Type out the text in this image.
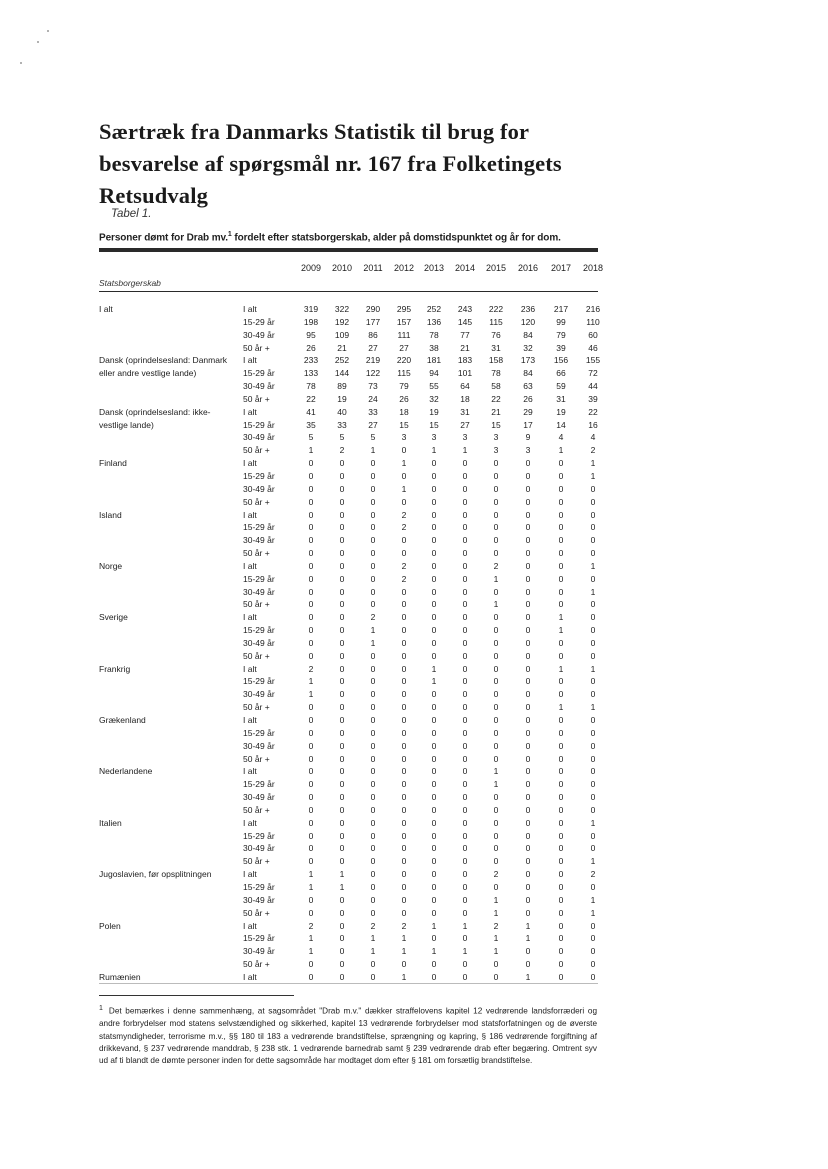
Særtræk fra Danmarks Statistik til brug for besvarelse af spørgsmål nr. 167 fra Folketingets Retsudvalg
Tabel 1.
Personer dømt for Drab mv.$^1$ fordelt efter statsborgerskab, alder på domstidspunktet og år for dom.
2009	2010	2011	2012	2013	2014	2015	2016	2017	2018
Statsborgerskab
I alt	I alt	319	322	290	295	252	243	222	236	217	216
15-29 år	198	192	177	157	136	145	115	120	99	110
30-49 år	95	109	86	111	78	77	76	84	79	60
50 år +	26	21	27	27	38	21	31	32	39	46
Dansk (oprindelsesland: Danmark I alt	233	252	219	220	181	183	158	173	156	155
eller andre vestlige lande)	15-29 år	133	144	122	115	94	101	78	84	66	72
30-49 år	78	89	73	79	55	64	58	63	59	44
50 år +	22	19	24	26	32	18	22	26	31	39
Dansk (oprindelsesland: ikke-	I alt	41	40	33	18	19	31	21	29	19	22
vestlige lande)	15-29 år	35	33	27	15	15	27	15	17	14	16
30-49 år	5	5	5	3	3	3	3	9	4	4
50 år +	1	2	1	0	1	1	3	3	1	2
Finland	I alt	0	0	0	1	0	0	0	0	0	1
15-29 år	0	0	0	0	0	0	0	0	0	1
30-49 år	0	0	0	1	0	0	0	0	0	0
50 år +	0	0	0	0	0	0	0	0	0	0
Island	I alt	0	0	0	2	0	0	0	0	0	0
15-29 år	0	0	0	2	0	0	0	0	0	0
30-49 år	0	0	0	0	0	0	0	0	0	0
50 år +	0	0	0	0	0	0	0	0	0	0
Norge	I alt	0	0	0	2	0	0	2	0	0	1
15-29 år	0	0	0	2	0	0	1	0	0	0
30-49 år	0	0	0	0	0	0	0	0	0	1
50 år +	0	0	0	0	0	0	1	0	0	0
Sverige	I alt	0	0	2	0	0	0	0	0	1	0
15-29 år	0	0	1	0	0	0	0	0	1	0
30-49 år	0	0	1	0	0	0	0	0	0	0
50 år +	0	0	0	0	0	0	0	0	0	0
Frankrig	I alt	2	0	0	0	1	0	0	0	1	1
15-29 år	1	0	0	0	1	0	0	0	0	0
30-49 år	1	0	0	0	0	0	0	0	0	0
50 år +	0	0	0	0	0	0	0	0	1	1
Grækenland	I alt	0	0	0	0	0	0	0	0	0	0
15-29 år	0	0	0	0	0	0	0	0	0	0
30-49 år	0	0	0	0	0	0	0	0	0	0
50 år +	0	0	0	0	0	0	0	0	0	0
Nederlandene	I alt	0	0	0	0	0	0	1	0	0	0
15-29 år	0	0	0	0	0	0	1	0	0	0
30-49 år	0	0	0	0	0	0	0	0	0	0
50 år +	0	0	0	0	0	0	0	0	0	0
Italien	I alt	0	0	0	0	0	0	0	0	0	1
15-29 år	0	0	0	0	0	0	0	0	0	0
30-49 år	0	0	0	0	0	0	0	0	0	0
50 år +	0	0	0	0	0	0	0	0	0	1
Jugoslavien, før opsplitningen	I alt	1	1	0	0	0	0	2	0	0	2
15-29 år	1	1	0	0	0	0	0	0	0	0
30-49 år	0	0	0	0	0	0	1	0	0	1
50 år +	0	0	0	0	0	0	1	0	0	1
Polen	I alt	2	0	2	2	1	1	2	1	0	0
15-29 år	1	0	1	1	0	0	1	1	0	0
30-49 år	1	0	1	1	1	1	1	0	0	0
50 år +	0	0	0	0	0	0	0	0	0	0
Rumænien	I alt	0	0	0	1	0	0	0	1	0	0
$^1$ Det bemærkes i denne sammenhæng, at sagsområdet "Drab m.v." dækker straffelovens kapitel 12 vedrørende landsforræderi og andre forbrydelser mod statens selvstændighed og sikkerhed, kapitel 13 vedrørende forbrydelser mod statsforfatningen og de øverste statsmyndigheder, terrorisme m.v., §§ 180 til 183 a vedrørende brandstiftelse, sprængning og kapring, § 186 vedrørende forgiftning af drikkevand, § 237 vedrørende manddrab, § 238 stk. 1 vedrørende barnedrab samt § 239 vedrørende drab efter begæring. Omtrent syv ud af ti blandt de dømte personer inden for dette sagsområde har modtaget dom efter § 181 om forsætlig brandstiftelse.
